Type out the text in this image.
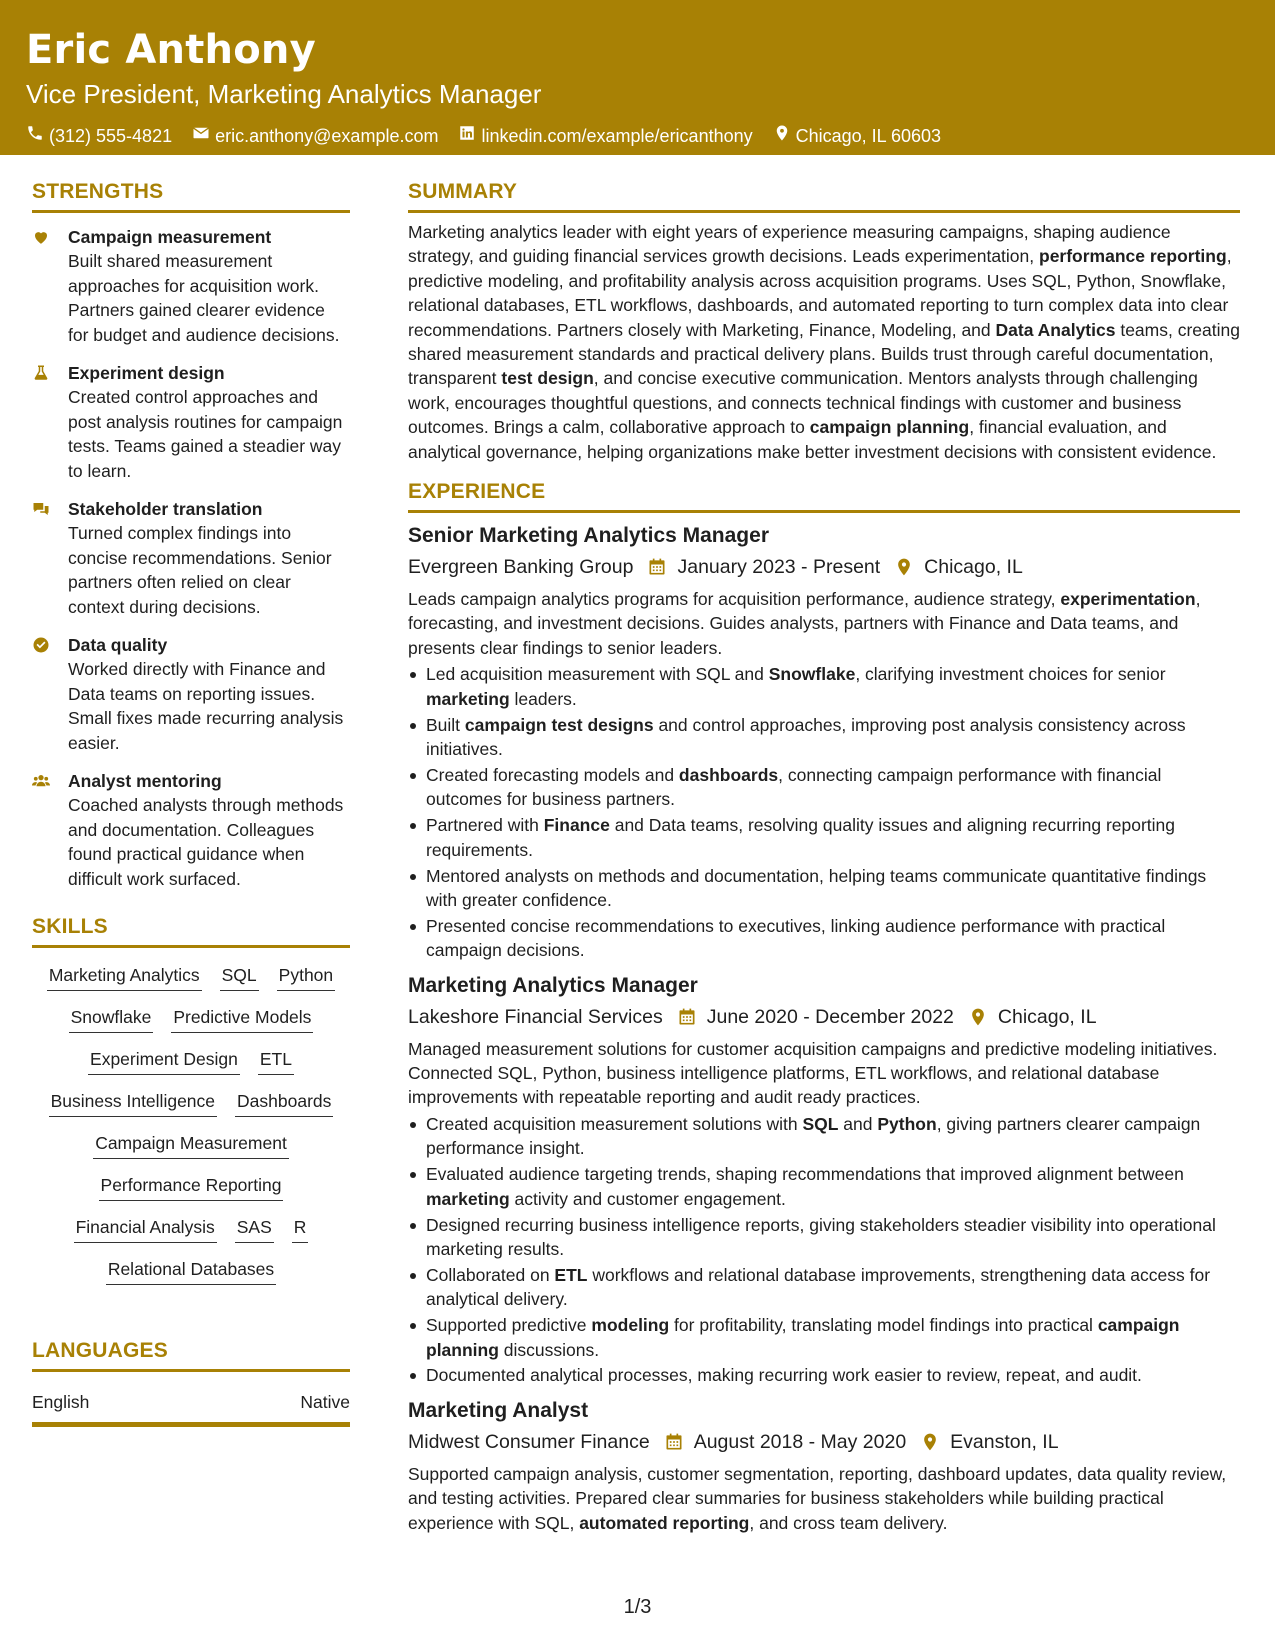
Eric Anthony
Vice President, Marketing Analytics Manager
(312) 555-4821 eric.anthony@example.com linkedin.com/example/ericanthony Chicago, IL 60603
STRENGTHS
Campaign measurement
Built shared measurement approaches for acquisition work. Partners gained clearer evidence for budget and audience decisions.
Experiment design
Created control approaches and post analysis routines for campaign tests. Teams gained a steadier way to learn.
Stakeholder translation
Turned complex findings into concise recommendations. Senior partners often relied on clear context during decisions.
Data quality
Worked directly with Finance and Data teams on reporting issues. Small fixes made recurring analysis easier.
Analyst mentoring
Coached analysts through methods and documentation. Colleagues found practical guidance when difficult work surfaced.
SKILLS
Marketing Analytics SQL Python
Snowflake Predictive Models
Experiment Design ETL
Business Intelligence Dashboards
Campaign Measurement
Performance Reporting
Financial Analysis SAS R
Relational Databases
LANGUAGES
English	Native
SUMMARY
Marketing analytics leader with eight years of experience measuring campaigns, shaping audience strategy, and guiding financial services growth decisions. Leads experimentation, performance reporting, predictive modeling, and profitability analysis across acquisition programs. Uses SQL, Python, Snowflake, relational databases, ETL workflows, dashboards, and automated reporting to turn complex data into clear recommendations. Partners closely with Marketing, Finance, Modeling, and Data Analytics teams, creating shared measurement standards and practical delivery plans. Builds trust through careful documentation, transparent test design, and concise executive communication. Mentors analysts through challenging work, encourages thoughtful questions, and connects technical findings with customer and business outcomes. Brings a calm, collaborative approach to campaign planning, financial evaluation, and analytical governance, helping organizations make better investment decisions with consistent evidence.
EXPERIENCE
Senior Marketing Analytics Manager
Evergreen Banking Group January 2023 - Present Chicago, IL
Leads campaign analytics programs for acquisition performance, audience strategy, experimentation, forecasting, and investment decisions. Guides analysts, partners with Finance and Data teams, and presents clear findings to senior leaders.
Led acquisition measurement with SQL and Snowflake, clarifying investment choices for senior marketing leaders.
Built campaign test designs and control approaches, improving post analysis consistency across initiatives.
Created forecasting models and dashboards, connecting campaign performance with financial outcomes for business partners.
Partnered with Finance and Data teams, resolving quality issues and aligning recurring reporting requirements.
Mentored analysts on methods and documentation, helping teams communicate quantitative findings with greater confidence.
Presented concise recommendations to executives, linking audience performance with practical campaign decisions.
Marketing Analytics Manager
Lakeshore Financial Services June 2020 - December 2022 Chicago, IL
Managed measurement solutions for customer acquisition campaigns and predictive modeling initiatives. Connected SQL, Python, business intelligence platforms, ETL workflows, and relational database improvements with repeatable reporting and audit ready practices.
Created acquisition measurement solutions with SQL and Python, giving partners clearer campaign performance insight.
Evaluated audience targeting trends, shaping recommendations that improved alignment between marketing activity and customer engagement.
Designed recurring business intelligence reports, giving stakeholders steadier visibility into operational marketing results.
Collaborated on ETL workflows and relational database improvements, strengthening data access for analytical delivery.
Supported predictive modeling for profitability, translating model findings into practical campaign planning discussions.
Documented analytical processes, making recurring work easier to review, repeat, and audit.
Marketing Analyst
Midwest Consumer Finance August 2018 - May 2020 Evanston, IL
Supported campaign analysis, customer segmentation, reporting, dashboard updates, data quality review, and testing activities. Prepared clear summaries for business stakeholders while building practical experience with SQL, automated reporting, and cross team delivery.
1/3
